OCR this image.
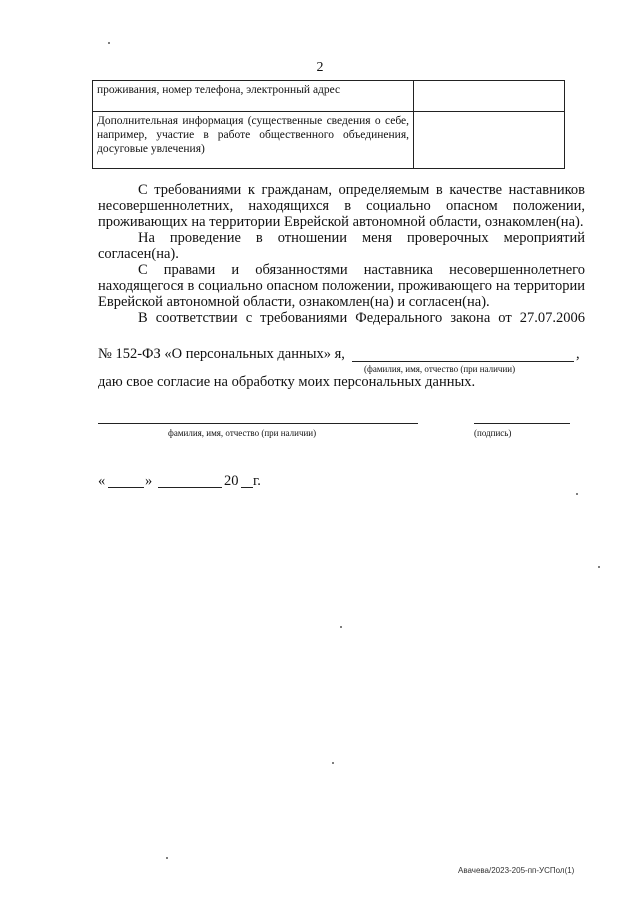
2
проживания, номер телефона, электронный адрес	
Дополнительная информация (существенные сведения о себе, например, участие в работе общественного объединения, досуговые увлечения)	

С требованиями к гражданам, определяемым в качестве наставников несовершеннолетних, находящихся в социально опасном положении, проживающих на территории Еврейской автономной области, ознакомлен(на).

На проведение в отношении меня проверочных мероприятий согласен(на).

С правами и обязанностями наставника несовершеннолетнего находящегося в социально опасном положении, проживающего на территории Еврейской автономной области, ознакомлен(на) и согласен(на).

В соответствии с требованиями Федерального закона от 27.07.2006
№ 152-ФЗ «О персональных данных» я,	,
(фамилия, имя, отчество (при наличии)
даю свое согласие на обработку моих персональных данных.
фамилия, имя, отчество (при наличии)	(подпись)
«	»	20 г.
Авачева/2023-205-пп-УСПол(1)
